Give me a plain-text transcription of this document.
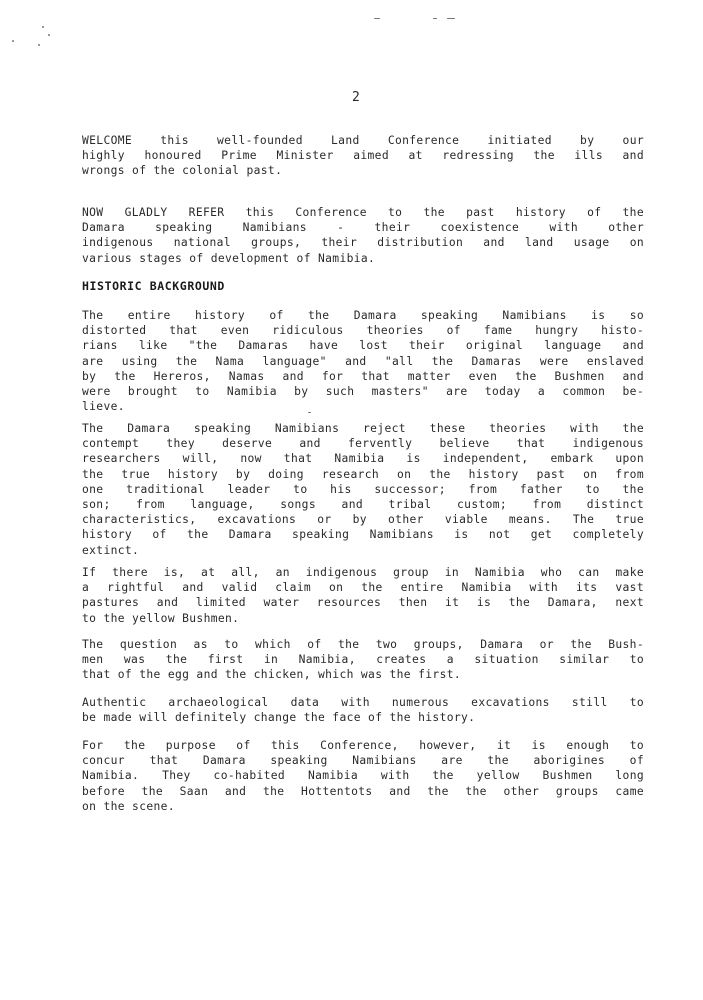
2
WELCOME this well-founded Land Conference initiated by our
highly honoured Prime Minister aimed at redressing the ills and
wrongs of the colonial past.
NOW GLADLY REFER this Conference to the past history of the
Damara speaking Namibians - their coexistence with other
indigenous national groups, their distribution and land usage on
various stages of development of Namibia.
HISTORIC BACKGROUND
The entire history of the Damara speaking Namibians is so
distorted that even ridiculous theories of fame hungry histo-
rians like "the Damaras have lost their original language and
are using the Nama language" and "all the Damaras were enslaved
by the Hereros, Namas and for that matter even the Bushmen and
were brought to Namibia by such masters" are today a common be-
lieve.
The Damara speaking Namibians reject these theories with the
contempt they deserve and fervently believe that indigenous
researchers will, now that Namibia is independent, embark upon
the true history by doing research on the history past on from
one traditional leader to his successor; from father to the
son; from language, songs and tribal custom; from distinct
characteristics, excavations or by other viable means. The true
history of the Damara speaking Namibians is not get completely
extinct.
If there is, at all, an indigenous group in Namibia who can make
a rightful and valid claim on the entire Namibia with its vast
pastures and limited water resources then it is the Damara, next
to the yellow Bushmen.
The question as to which of the two groups, Damara or the Bush-
men was the first in Namibia, creates a situation similar to
that of the egg and the chicken, which was the first.
Authentic archaeological data with numerous excavations still to
be made will definitely change the face of the history.
For the purpose of this Conference, however, it is enough to
concur that Damara speaking Namibians are the aborigines of
Namibia. They co-habited Namibia with the yellow Bushmen long
before the Saan and the Hottentots and the the other groups came
on the scene.
